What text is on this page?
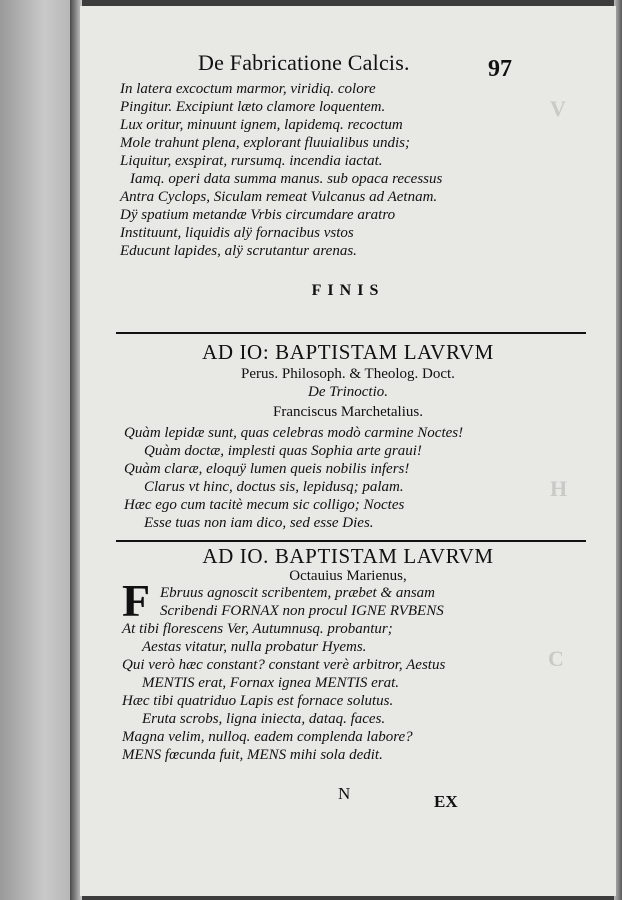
V
H
C
De Fabricatione Calcis.	97
In latera excoctum marmor, viridiq. colore
Pingitur. Excipiunt læto clamore loquentem.
Lux oritur, minuunt ignem, lapidemq. recoctum
Mole trahunt plena, explorant fluuialibus undis;
Liquitur, exspirat, rursumq. incendia iactat.
Iamq. operi data summa manus. sub opaca recessus
Antra Cyclops, Siculam remeat Vulcanus ad Aetnam.
Dÿ spatium metandæ Vrbis circumdare aratro
Instituunt, liquidis alÿ fornacibus vstos
Educunt lapides, alÿ scrutantur arenas.
FINIS
AD IO: BAPTISTAM LAVRVM
Perus. Philosoph. & Theolog. Doct.
De Trinoctio.
Franciscus Marchetalius.
Quàm lepidæ sunt, quas celebras modò carmine Noctes!
Quàm doctæ, implesti quas Sophia arte graui!
Quàm claræ, eloquÿ lumen queis nobilis infers!
Clarus vt hinc, doctus sis, lepidusq; palam.
Hæc ego cum tacitè mecum sic colligo; Noctes
Esse tuas non iam dico, sed esse Dies.
AD IO. BAPTISTAM LAVRVM
Octauius Marienus,
F Ebruus agnoscit scribentem, præbet & ansam
Scribendi FORNAX non procul IGNE RVBENS
At tibi florescens Ver, Autumnusq. probantur;
Aestas vitatur, nulla probatur Hyems.
Qui verò hæc constant? constant verè arbitror, Aestus
MENTIS erat, Fornax ignea MENTIS erat.
Hæc tibi quatriduo Lapis est fornace solutus.
Eruta scrobs, ligna iniecta, dataq. faces.
Magna velim, nulloq. eadem complenda labore?
MENS fœcunda fuit, MENS mihi sola dedit.
N	EX
